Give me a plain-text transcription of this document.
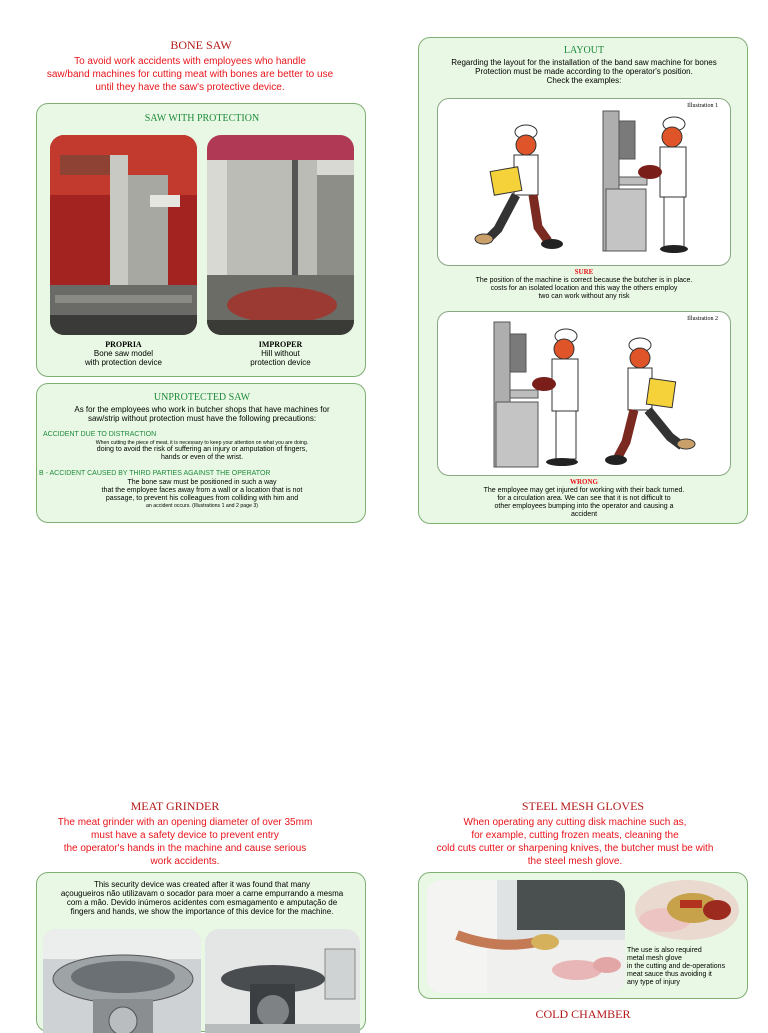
BONE SAW
To avoid work accidents with employees who handle
saw/band machines for cutting meat with bones are better to use
until they have the saw's protective device.
SAW WITH PROTECTION
PROPRIA
Bone saw model
with protection device
IMPROPER
Hill without
protection device
UNPROTECTED SAW
As for the employees who work in butcher shops that have machines for
saw/strip without protection must have the following precautions:
ACCIDENT DUE TO DISTRACTION
When cutting the piece of meat, it is necessary to keep your attention on what you are doing.
doing to avoid the risk of suffering an injury or amputation of fingers,
hands or even of the wrist.
B - ACCIDENT CAUSED BY THIRD PARTIES AGAINST THE OPERATOR
The bone saw must be positioned in such a way
that the employee faces away from a wall or a location that is not
passage, to prevent his colleagues from colliding with him and
an accident occurs. (Illustrations 1 and 2 page 3)
LAYOUT
Regarding the layout for the installation of the band saw machine for bones
Protection must be made according to the operator's position.
Check the examples:
Illustration 1
SURE
The position of the machine is correct because the butcher is in place.
costs for an isolated location and this way the others employ
two can work without any risk
Illustration 2
WRONG
The employee may get injured for working with their back turned.
for a circulation area. We can see that it is not difficult to
other employees bumping into the operator and causing a
accident
MEAT GRINDER
The meat grinder with an opening diameter of over 35mm
must have a safety device to prevent entry
the operator's hands in the machine and cause serious
work accidents.
This security device was created after it was found that many
açougueiros não utilizavam o socador para moer a carne empurrando a mesma
com a mão. Devido inúmeros acidentes com esmagamento e amputação de
fingers and hands, we show the importance of this device for the machine.
STEEL MESH GLOVES
When operating any cutting disk machine such as,
for example, cutting frozen meats, cleaning the
cold cuts cutter or sharpening knives, the butcher must be with
the steel mesh glove.
The use is also required
metal mesh glove
in the cutting and de-operations
meat sauce thus avoiding it
any type of injury
COLD CHAMBER
